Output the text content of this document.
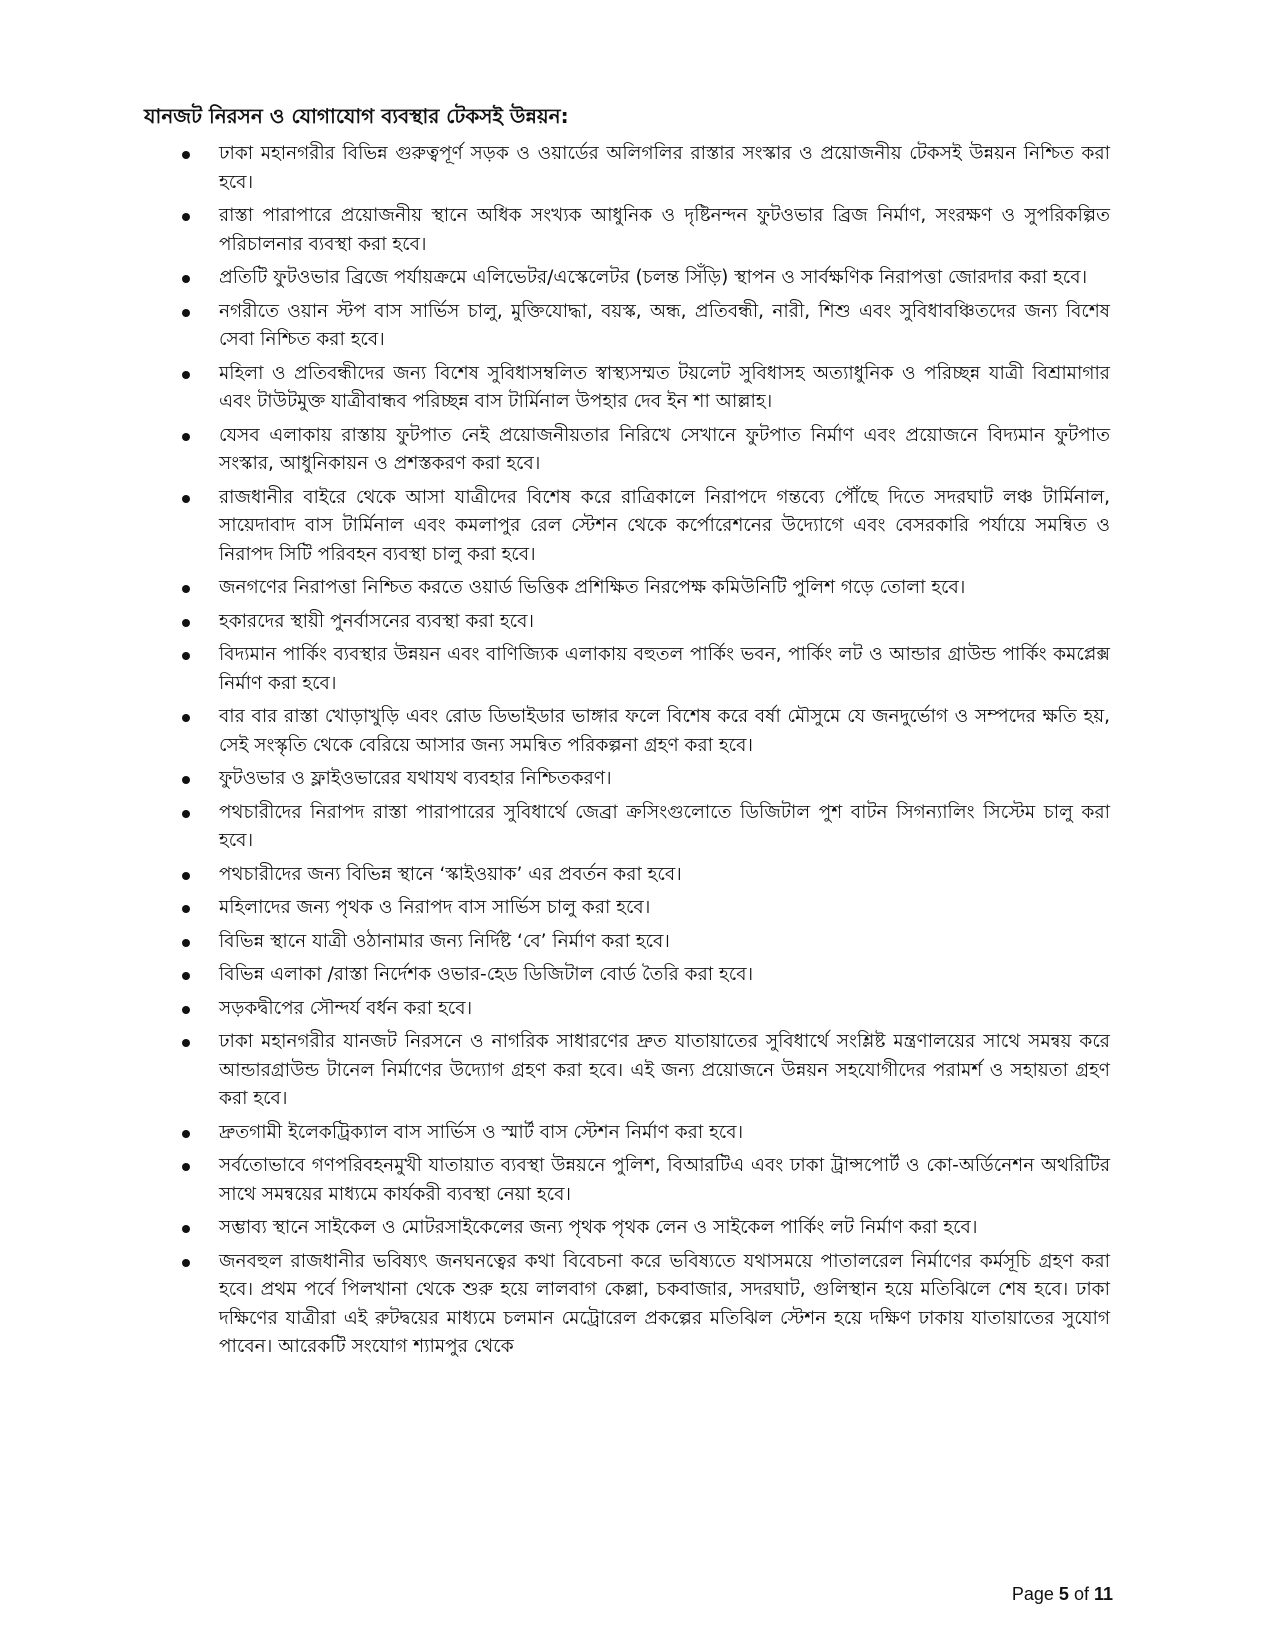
যানজট নিরসন ও যোগাযোগ ব্যবস্থার টেকসই উন্নয়ন:
ঢাকা মহানগরীর বিভিন্ন গুরুত্বপূর্ণ সড়ক ও ওয়ার্ডের অলিগলির রাস্তার সংস্কার ও প্রয়োজনীয় টেকসই উন্নয়ন নিশ্চিত করা হবে।
রাস্তা পারাপারে প্রয়োজনীয় স্থানে অধিক সংখ্যক আধুনিক ও দৃষ্টিনন্দন ফুটওভার ব্রিজ নির্মাণ, সংরক্ষণ ও সুপরিকল্পিত পরিচালনার ব্যবস্থা করা হবে।
প্রতিটি ফুটওভার ব্রিজে পর্যায়ক্রমে এলিভেটর/এস্কেলেটর (চলন্ত সিঁড়ি) স্থাপন ও সার্বক্ষণিক নিরাপত্তা জোরদার করা হবে।
নগরীতে ওয়ান স্টপ বাস সার্ভিস চালু, মুক্তিযোদ্ধা, বয়স্ক, অন্ধ, প্রতিবন্ধী, নারী, শিশু এবং সুবিধাবঞ্চিতদের জন্য বিশেষ সেবা নিশ্চিত করা হবে।
মহিলা ও প্রতিবন্ধীদের জন্য বিশেষ সুবিধাসম্বলিত স্বাস্থ্যসম্মত টয়লেট সুবিধাসহ অত্যাধুনিক ও পরিচ্ছন্ন যাত্রী বিশ্রামাগার এবং টাউটমুক্ত যাত্রীবান্ধব পরিচ্ছন্ন বাস টার্মিনাল উপহার দেব ইন শা আল্লাহ।
যেসব এলাকায় রাস্তায় ফুটপাত নেই প্রয়োজনীয়তার নিরিখে সেখানে ফুটপাত নির্মাণ এবং প্রয়োজনে বিদ্যমান ফুটপাত সংস্কার, আধুনিকায়ন ও প্রশস্তকরণ করা হবে।
রাজধানীর বাইরে থেকে আসা যাত্রীদের বিশেষ করে রাত্রিকালে নিরাপদে গন্তব্যে পৌঁছে দিতে সদরঘাট লঞ্চ টার্মিনাল, সায়েদাবাদ বাস টার্মিনাল এবং কমলাপুর রেল স্টেশন থেকে কর্পোরেশনের উদ্যোগে এবং বেসরকারি পর্যায়ে সমন্বিত ও নিরাপদ সিটি পরিবহন ব্যবস্থা চালু করা হবে।
জনগণের নিরাপত্তা নিশ্চিত করতে ওয়ার্ড ভিত্তিক প্রশিক্ষিত নিরপেক্ষ কমিউনিটি পুলিশ গড়ে তোলা হবে।
হকারদের স্থায়ী পুনর্বাসনের ব্যবস্থা করা হবে।
বিদ্যমান পার্কিং ব্যবস্থার উন্নয়ন এবং বাণিজ্যিক এলাকায় বহুতল পার্কিং ভবন, পার্কিং লট ও আন্ডার গ্রাউন্ড পার্কিং কমপ্লেক্স নির্মাণ করা হবে।
বার বার রাস্তা খোড়াখুড়ি এবং রোড ডিভাইডার ভাঙ্গার ফলে বিশেষ করে বর্ষা মৌসুমে যে জনদুর্ভোগ ও সম্পদের ক্ষতি হয়, সেই সংস্কৃতি থেকে বেরিয়ে আসার জন্য সমন্বিত পরিকল্পনা গ্রহণ করা হবে।
ফুটওভার ও ফ্লাইওভারের যথাযথ ব্যবহার নিশ্চিতকরণ।
পথচারীদের নিরাপদ রাস্তা পারাপারের সুবিধার্থে জেব্রা ক্রসিংগুলোতে ডিজিটাল পুশ বাটন সিগন্যালিং সিস্টেম চালু করা হবে।
পথচারীদের জন্য বিভিন্ন স্থানে ‘স্কাইওয়াক’ এর প্রবর্তন করা হবে।
মহিলাদের জন্য পৃথক ও নিরাপদ বাস সার্ভিস চালু করা হবে।
বিভিন্ন স্থানে যাত্রী ওঠানামার জন্য নির্দিষ্ট ‘বে’ নির্মাণ করা হবে।
বিভিন্ন এলাকা /রাস্তা নির্দেশক ওভার-হেড ডিজিটাল বোর্ড তৈরি করা হবে।
সড়কদ্বীপের সৌন্দর্য বর্ধন করা হবে।
ঢাকা মহানগরীর যানজট নিরসনে ও নাগরিক সাধারণের দ্রুত যাতায়াতের সুবিধার্থে সংশ্লিষ্ট মন্ত্রণালয়ের সাথে সমন্বয় করে আন্ডারগ্রাউন্ড টানেল নির্মাণের উদ্যোগ গ্রহণ করা হবে। এই জন্য প্রয়োজনে উন্নয়ন সহযোগীদের পরামর্শ ও সহায়তা গ্রহণ করা হবে।
দ্রুতগামী ইলেকট্রিক্যাল বাস সার্ভিস ও স্মার্ট বাস স্টেশন নির্মাণ করা হবে।
সর্বতোভাবে গণপরিবহনমুখী যাতায়াত ব্যবস্থা উন্নয়নে পুলিশ, বিআরটিএ এবং ঢাকা ট্রান্সপোর্ট ও কো-অর্ডিনেশন অথরিটির সাথে সমন্বয়ের মাধ্যমে কার্যকরী ব্যবস্থা নেয়া হবে।
সম্ভাব্য স্থানে সাইকেল ও মোটরসাইকেলের জন্য পৃথক পৃথক লেন ও সাইকেল পার্কিং লট নির্মাণ করা হবে।
জনবহুল রাজধানীর ভবিষ্যৎ জনঘনত্বের কথা বিবেচনা করে ভবিষ্যতে যথাসময়ে পাতালরেল নির্মাণের কর্মসূচি গ্রহণ করা হবে। প্রথম পর্বে পিলখানা থেকে শুরু হয়ে লালবাগ কেল্লা, চকবাজার, সদরঘাট, গুলিস্থান হয়ে মতিঝিলে শেষ হবে। ঢাকা দক্ষিণের যাত্রীরা এই রুটদ্বয়ের মাধ্যমে চলমান মেট্রোরেল প্রকল্পের মতিঝিল স্টেশন হয়ে দক্ষিণ ঢাকায় যাতায়াতের সুযোগ পাবেন। আরেকটি সংযোগ শ্যামপুর থেকে
Page 5 of 11
